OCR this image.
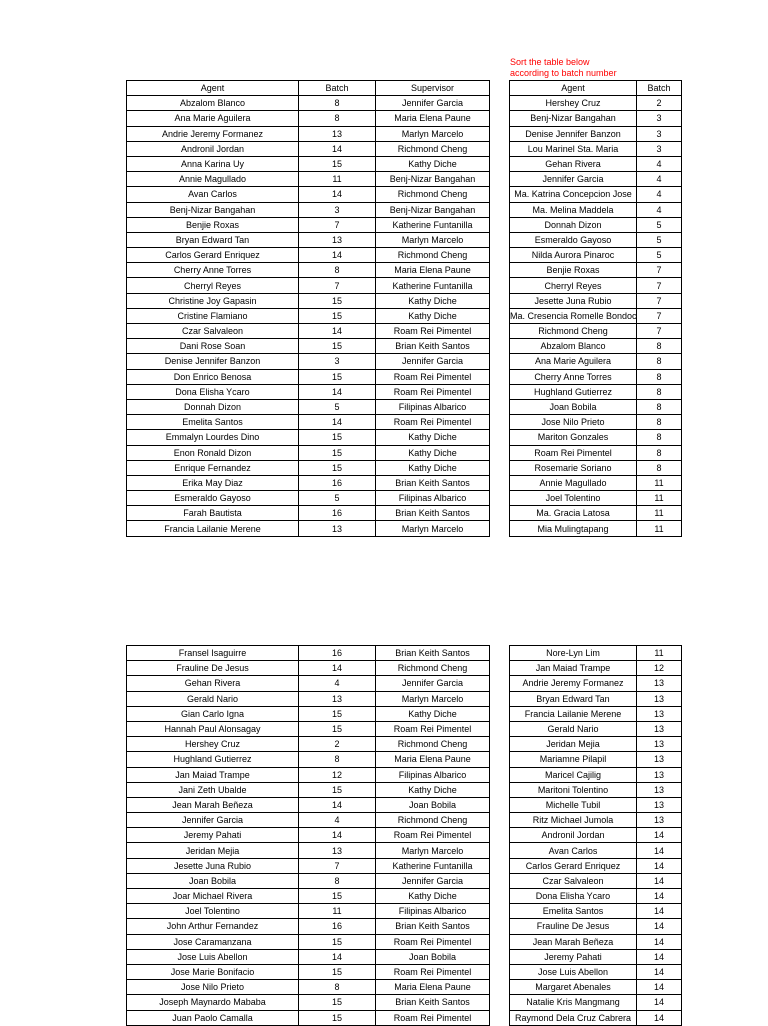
Sort the table below
according to batch number
Agent	Batch	Supervisor
Abzalom Blanco	8	Jennifer Garcia
Ana Marie Aguilera	8	Maria Elena Paune
Andrie Jeremy Formanez	13	Marlyn Marcelo
Andronil Jordan	14	Richmond Cheng
Anna Karina Uy	15	Kathy Diche
Annie Magullado	11	Benj-Nizar Bangahan
Avan Carlos	14	Richmond Cheng
Benj-Nizar Bangahan	3	Benj-Nizar Bangahan
Benjie Roxas	7	Katherine Funtanilla
Bryan Edward Tan	13	Marlyn Marcelo
Carlos Gerard Enriquez	14	Richmond Cheng
Cherry Anne Torres	8	Maria Elena Paune
Cherryl Reyes	7	Katherine Funtanilla
Christine Joy Gapasin	15	Kathy Diche
Cristine Flamiano	15	Kathy Diche
Czar Salvaleon	14	Roam Rei Pimentel
Dani Rose Soan	15	Brian Keith Santos
Denise Jennifer Banzon	3	Jennifer Garcia
Don Enrico Benosa	15	Roam Rei Pimentel
Dona Elisha Ycaro	14	Roam Rei Pimentel
Donnah Dizon	5	Filipinas Albarico
Emelita Santos	14	Roam Rei Pimentel
Emmalyn Lourdes Dino	15	Kathy Diche
Enon Ronald Dizon	15	Kathy Diche
Enrique Fernandez	15	Kathy Diche
Erika May Diaz	16	Brian Keith Santos
Esmeraldo Gayoso	5	Filipinas Albarico
Farah Bautista	16	Brian Keith Santos
Francia Lailanie Merene	13	Marlyn Marcelo
Agent	Batch
Hershey Cruz	2
Benj-Nizar Bangahan	3
Denise Jennifer Banzon	3
Lou Marinel Sta. Maria	3
Gehan Rivera	4
Jennifer Garcia	4
Ma. Katrina Concepcion Jose	4
Ma. Melina Maddela	4
Donnah Dizon	5
Esmeraldo Gayoso	5
Nilda Aurora Pinaroc	5
Benjie Roxas	7
Cherryl Reyes	7
Jesette Juna Rubio	7
Ma. Cresencia Romelle Bondoc	7
Richmond Cheng	7
Abzalom Blanco	8
Ana Marie Aguilera	8
Cherry Anne Torres	8
Hughland Gutierrez	8
Joan Bobila	8
Jose Nilo Prieto	8
Mariton Gonzales	8
Roam Rei Pimentel	8
Rosemarie Soriano	8
Annie Magullado	11
Joel Tolentino	11
Ma. Gracia Latosa	11
Mia Mulingtapang	11
Fransel Isaguirre	16	Brian Keith Santos
Frauline De Jesus	14	Richmond Cheng
Gehan Rivera	4	Jennifer Garcia
Gerald Nario	13	Marlyn Marcelo
Gian Carlo Igna	15	Kathy Diche
Hannah Paul Alonsagay	15	Roam Rei Pimentel
Hershey Cruz	2	Richmond Cheng
Hughland Gutierrez	8	Maria Elena Paune
Jan Maiad Trampe	12	Filipinas Albarico
Jani Zeth Ubalde	15	Kathy Diche
Jean Marah Beñeza	14	Joan Bobila
Jennifer Garcia	4	Richmond Cheng
Jeremy Pahati	14	Roam Rei Pimentel
Jeridan Mejia	13	Marlyn Marcelo
Jesette Juna Rubio	7	Katherine Funtanilla
Joan Bobila	8	Jennifer Garcia
Joar Michael Rivera	15	Kathy Diche
Joel Tolentino	11	Filipinas Albarico
John Arthur Fernandez	16	Brian Keith Santos
Jose Caramanzana	15	Roam Rei Pimentel
Jose Luis Abellon	14	Joan Bobila
Jose Marie Bonifacio	15	Roam Rei Pimentel
Jose Nilo Prieto	8	Maria Elena Paune
Joseph Maynardo Mababa	15	Brian Keith Santos
Juan Paolo Camalla	15	Roam Rei Pimentel
Nore-Lyn Lim	11
Jan Maiad Trampe	12
Andrie Jeremy Formanez	13
Bryan Edward Tan	13
Francia Lailanie Merene	13
Gerald Nario	13
Jeridan Mejia	13
Mariamne Pilapil	13
Maricel Cajilig	13
Maritoni Tolentino	13
Michelle Tubil	13
Ritz Michael Jumola	13
Andronil Jordan	14
Avan Carlos	14
Carlos Gerard Enriquez	14
Czar Salvaleon	14
Dona Elisha Ycaro	14
Emelita Santos	14
Frauline De Jesus	14
Jean Marah Beñeza	14
Jeremy Pahati	14
Jose Luis Abellon	14
Margaret Abenales	14
Natalie Kris Mangmang	14
Raymond Dela Cruz Cabrera	14
